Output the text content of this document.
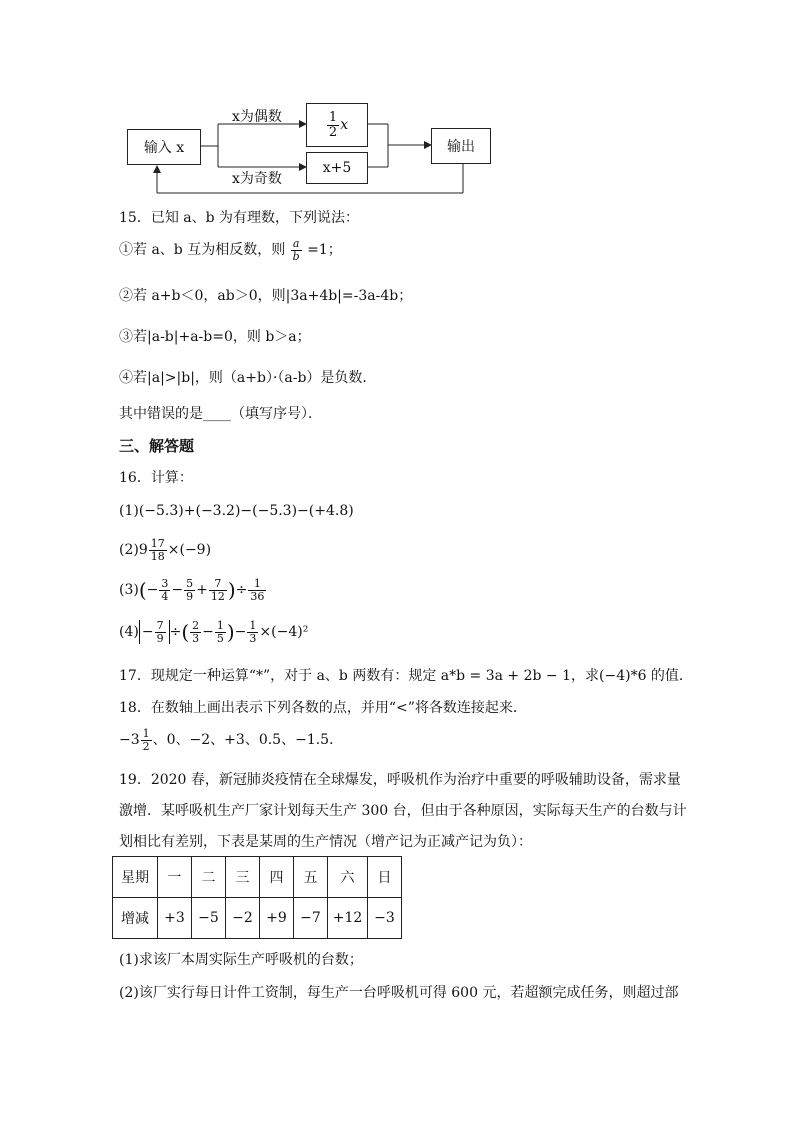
输入 x
$\frac{1}{2}$ x
x+5
输出
x为偶数
x为奇数
15．已知 a、b 为有理数，下列说法：
①若 a、b 互为相反数，则 $\frac{a}{b} =1$；
②若 a+b＜0，ab＞0，则|3a+4b|=-3a-4b；
③若|a-b|+a-b=0，则 b＞a；
④若|a|>|b|，则（a+b）·（a-b）是负数．
其中错误的是____（填写序号）．
三、解答题
16．计算：
(1)(−5.3)+(−3.2)−(−5.3)−(+4.8)
$(2)9 \frac{17}{18} \times(-9)$
$(3)(- \frac{3}{4} - \frac{5}{9} + \frac{7}{12}$ )÷ $\frac{1}{36}$
$(4) - \frac{7}{9}$ ÷( $\frac{2}{3} - \frac{1}{5}$ )− $\frac{1}{3} \times(-4)^2$
17．现规定一种运算“*”，对于 a、b 两数有：规定 a*b = 3a + 2b − 1，求(−4)*6 的值．
18．在数轴上画出表示下列各数的点，并用“<”将各数连接起来．
$-3 \frac{1}{2}$ 、0、−2、+3、0.5、−1.5．
19．2020 春，新冠肺炎疫情在全球爆发，呼吸机作为治疗中重要的呼吸辅助设备，需求量
激增．某呼吸机生产厂家计划每天生产 300 台，但由于各种原因，实际每天生产的台数与计
划相比有差别，下表是某周的生产情况（增产记为正减产记为负）：
星期	一	二	三	四	五	六	日
增减	+3	−5	−2	+9	−7	+12	−3
(1)求该厂本周实际生产呼吸机的台数；
(2)该厂实行每日计件工资制，每生产一台呼吸机可得 600 元，若超额完成任务，则超过部
